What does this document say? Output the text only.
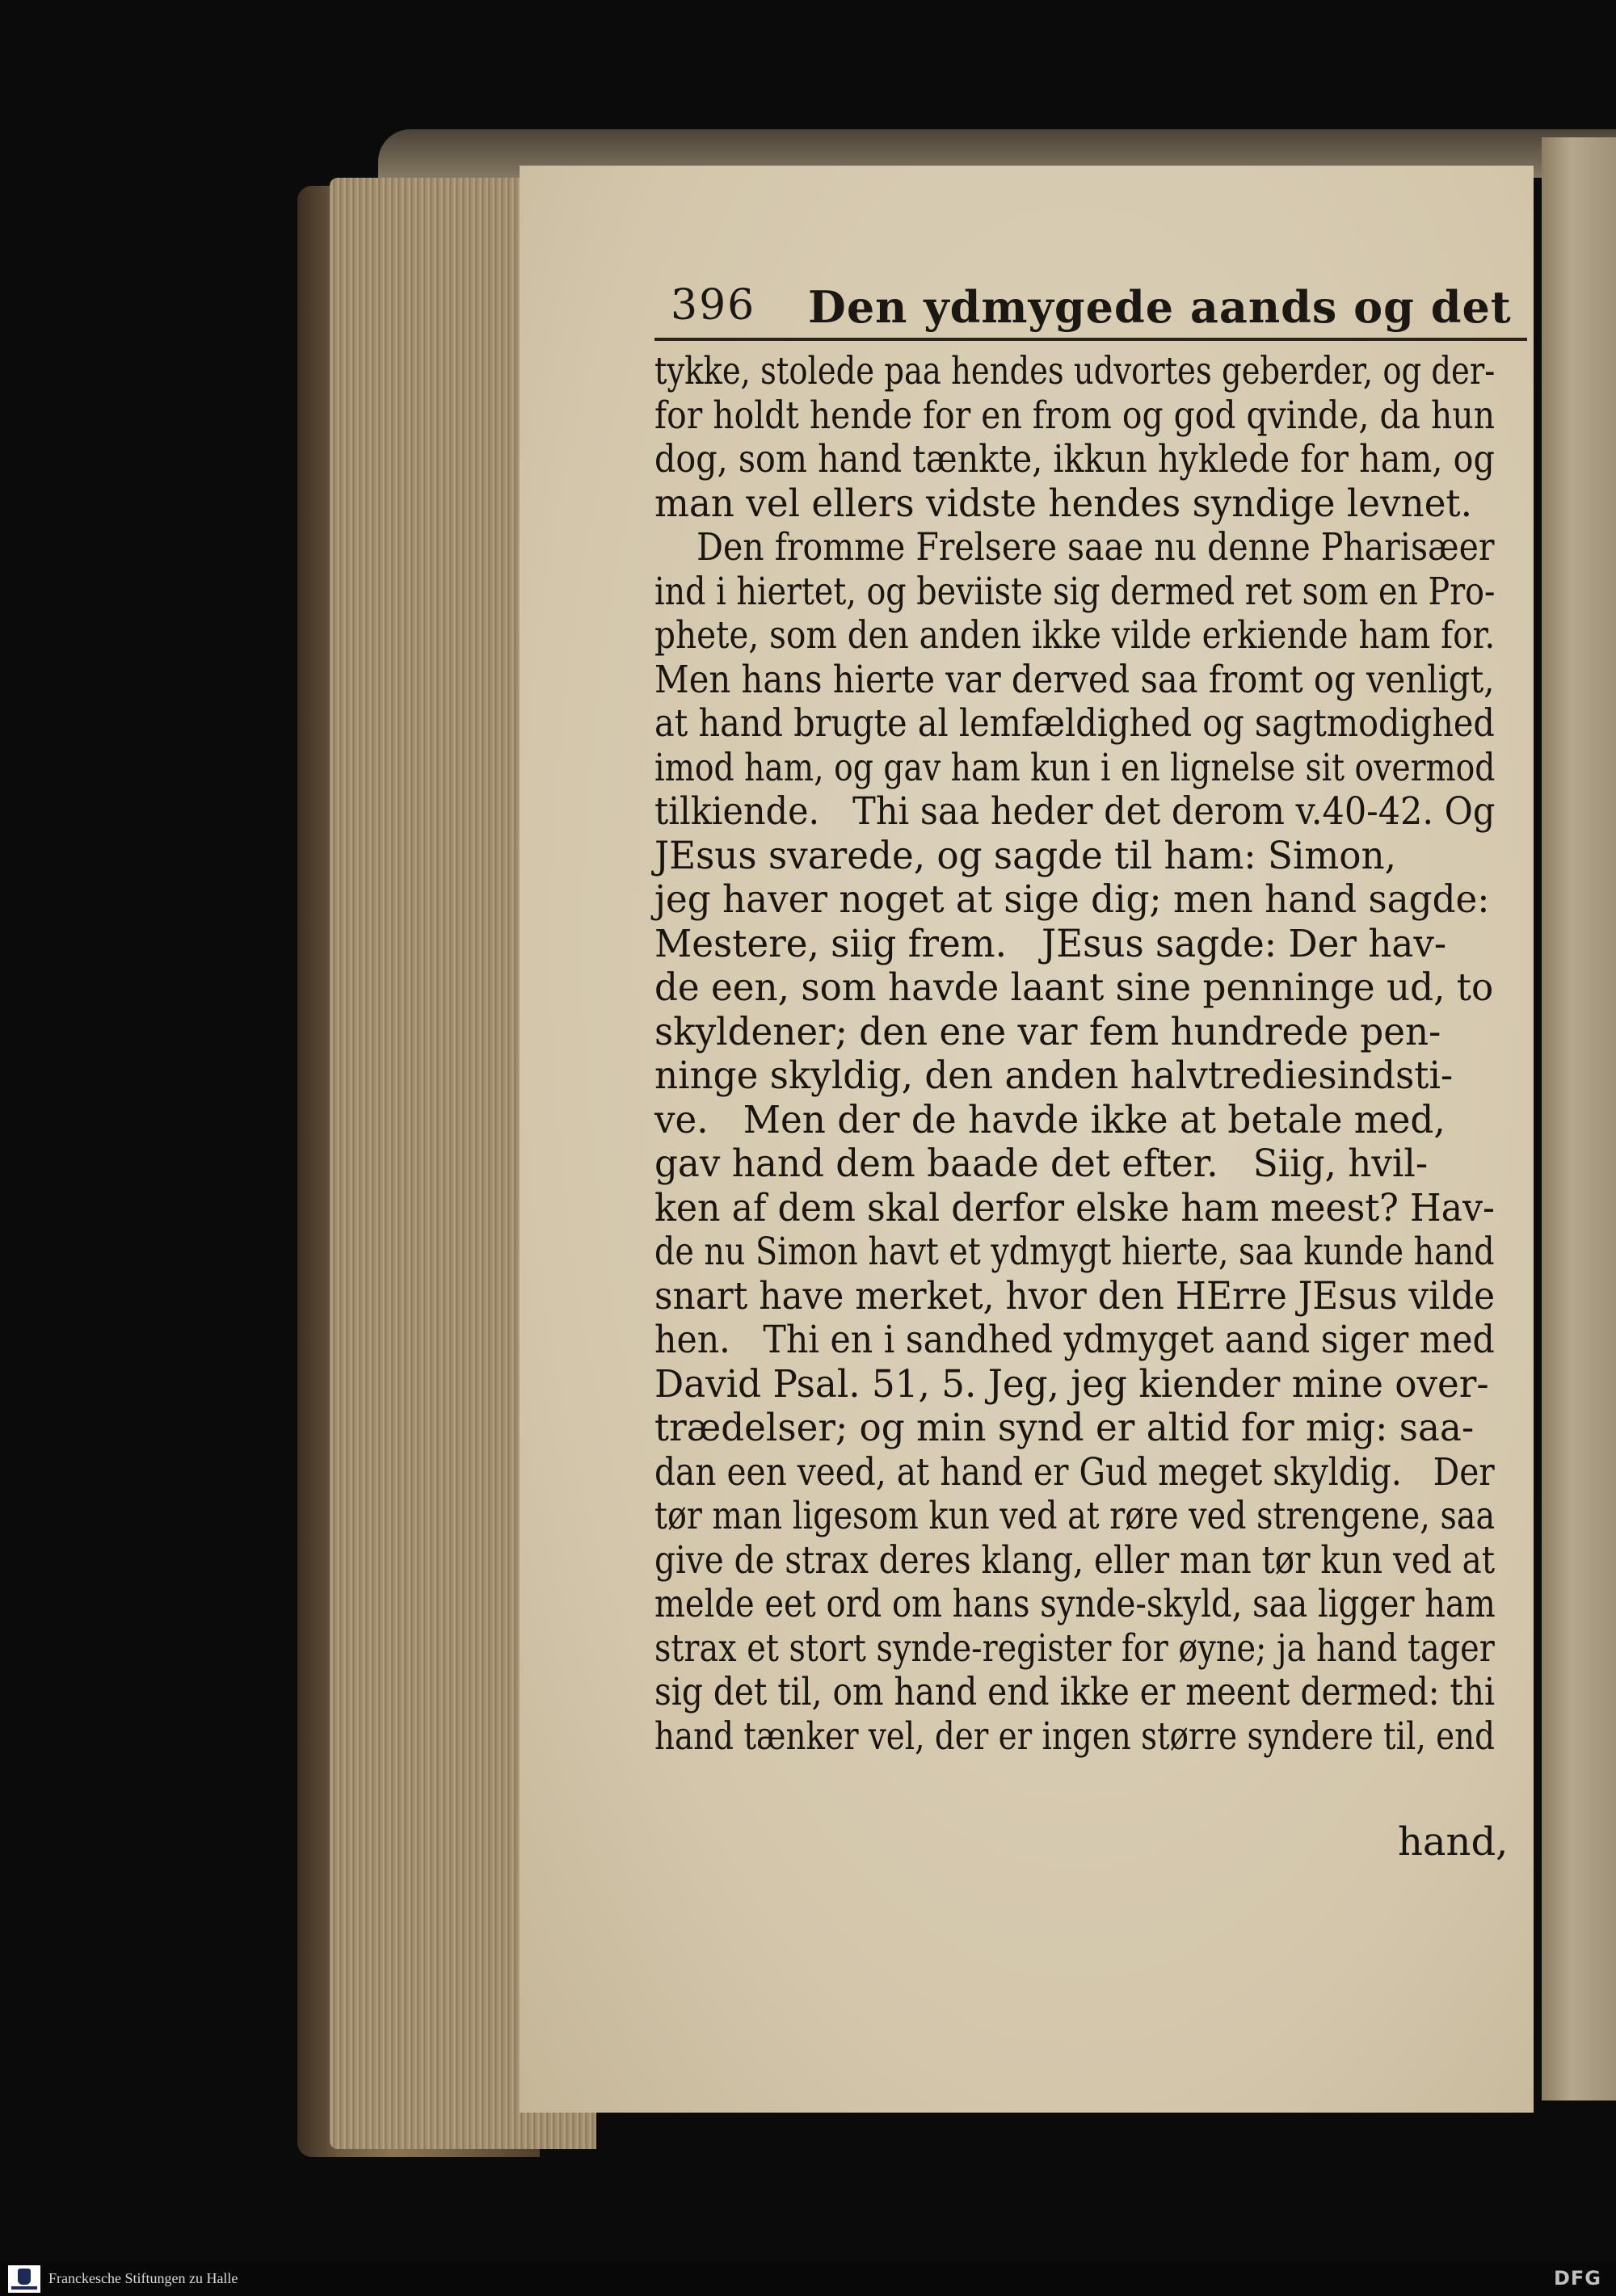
396 Den ydmygede aands og det
tykke, stolede paa hendes udvortes geberder, og der-for holdt hende for en from og god qvinde, da hundog, som hand tænkte, ikkun hyklede for ham, ogman vel ellers vidste hendes syndige levnet.    Den fromme Frelsere saae nu denne Pharisæerind i hiertet, og beviiste sig dermed ret som en Pro-phete, som den anden ikke vilde erkiende ham for.Men hans hierte var derved saa fromt og venligt,at hand brugte al lemfældighed og sagtmodighedimod ham, og gav ham kun i en lignelse sit overmodtilkiende.   Thi saa heder det derom v.40-42. OgJEsus svarede, og sagde til ham: Simon,jeg haver noget at sige dig; men hand sagde:Mestere, siig frem.   JEsus sagde: Der hav-de een, som havde laant sine penninge ud, toskyldener; den ene var fem hundrede pen-ninge skyldig, den anden halvtrediesindsti-ve.   Men der de havde ikke at betale med,gav hand dem baade det efter.   Siig, hvil-ken af dem skal derfor elske ham meest? Hav-de nu Simon havt et ydmygt hierte, saa kunde handsnart have merket, hvor den HErre JEsus vildehen.   Thi en i sandhed ydmyget aand siger medDavid Psal. 51, 5. Jeg, jeg kiender mine over-trædelser; og min synd er altid for mig: saa-dan een veed, at hand er Gud meget skyldig.   Dertør man ligesom kun ved at røre ved strengene, saagive de strax deres klang, eller man tør kun ved atmelde eet ord om hans synde-skyld, saa ligger hamstrax et stort synde-register for øyne; ja hand tagersig det til, om hand end ikke er meent dermed: thihand tænker vel, der er ingen større syndere til, end
hand,
Franckesche Stiftungen zu Halle	DFG
